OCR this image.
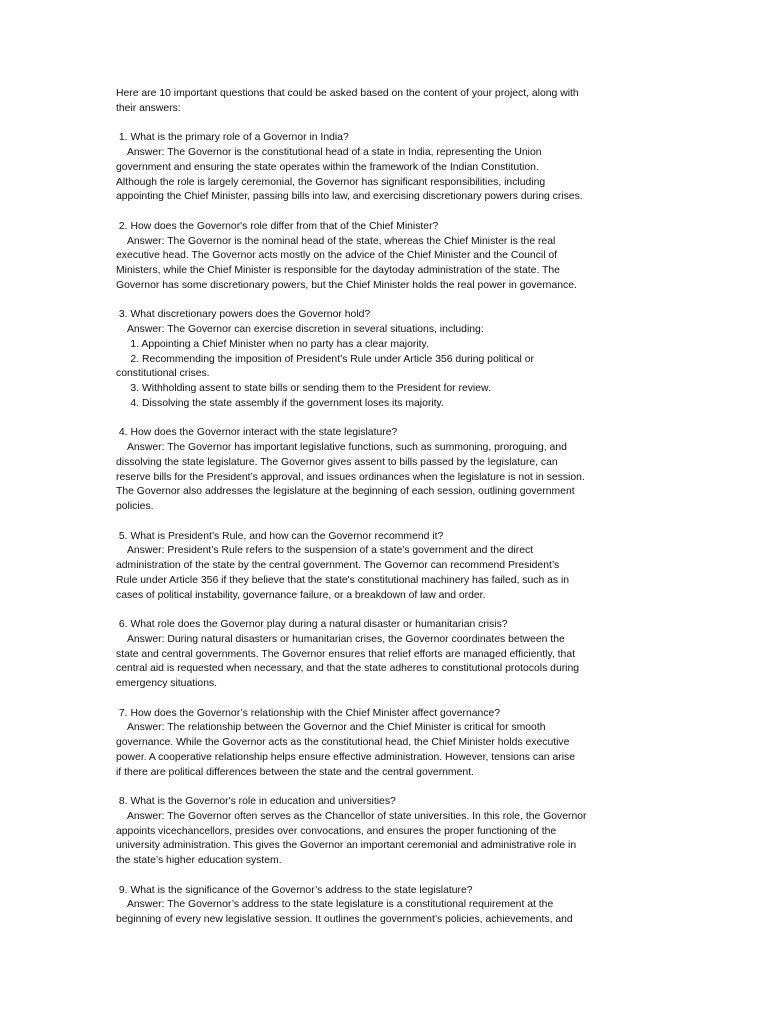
Here are 10 important questions that could be asked based on the content of your project, along with
their answers:
1. What is the primary role of a Governor in India?
Answer: The Governor is the constitutional head of a state in India, representing the Union
government and ensuring the state operates within the framework of the Indian Constitution.
Although the role is largely ceremonial, the Governor has significant responsibilities, including
appointing the Chief Minister, passing bills into law, and exercising discretionary powers during crises.
2. How does the Governor's role differ from that of the Chief Minister?
Answer: The Governor is the nominal head of the state, whereas the Chief Minister is the real
executive head. The Governor acts mostly on the advice of the Chief Minister and the Council of
Ministers, while the Chief Minister is responsible for the daytoday administration of the state. The
Governor has some discretionary powers, but the Chief Minister holds the real power in governance.
3. What discretionary powers does the Governor hold?
Answer: The Governor can exercise discretion in several situations, including:
1. Appointing a Chief Minister when no party has a clear majority.
2. Recommending the imposition of President’s Rule under Article 356 during political or
constitutional crises.
3. Withholding assent to state bills or sending them to the President for review.
4. Dissolving the state assembly if the government loses its majority.
4. How does the Governor interact with the state legislature?
Answer: The Governor has important legislative functions, such as summoning, proroguing, and
dissolving the state legislature. The Governor gives assent to bills passed by the legislature, can
reserve bills for the President’s approval, and issues ordinances when the legislature is not in session.
The Governor also addresses the legislature at the beginning of each session, outlining government
policies.
5. What is President’s Rule, and how can the Governor recommend it?
Answer: President’s Rule refers to the suspension of a state's government and the direct
administration of the state by the central government. The Governor can recommend President’s
Rule under Article 356 if they believe that the state's constitutional machinery has failed, such as in
cases of political instability, governance failure, or a breakdown of law and order.
6. What role does the Governor play during a natural disaster or humanitarian crisis?
Answer: During natural disasters or humanitarian crises, the Governor coordinates between the
state and central governments. The Governor ensures that relief efforts are managed efficiently, that
central aid is requested when necessary, and that the state adheres to constitutional protocols during
emergency situations.
7. How does the Governor’s relationship with the Chief Minister affect governance?
Answer: The relationship between the Governor and the Chief Minister is critical for smooth
governance. While the Governor acts as the constitutional head, the Chief Minister holds executive
power. A cooperative relationship helps ensure effective administration. However, tensions can arise
if there are political differences between the state and the central government.
8. What is the Governor's role in education and universities?
Answer: The Governor often serves as the Chancellor of state universities. In this role, the Governor
appoints vicechancellors, presides over convocations, and ensures the proper functioning of the
university administration. This gives the Governor an important ceremonial and administrative role in
the state’s higher education system.
9. What is the significance of the Governor’s address to the state legislature?
Answer: The Governor’s address to the state legislature is a constitutional requirement at the
beginning of every new legislative session. It outlines the government’s policies, achievements, and
